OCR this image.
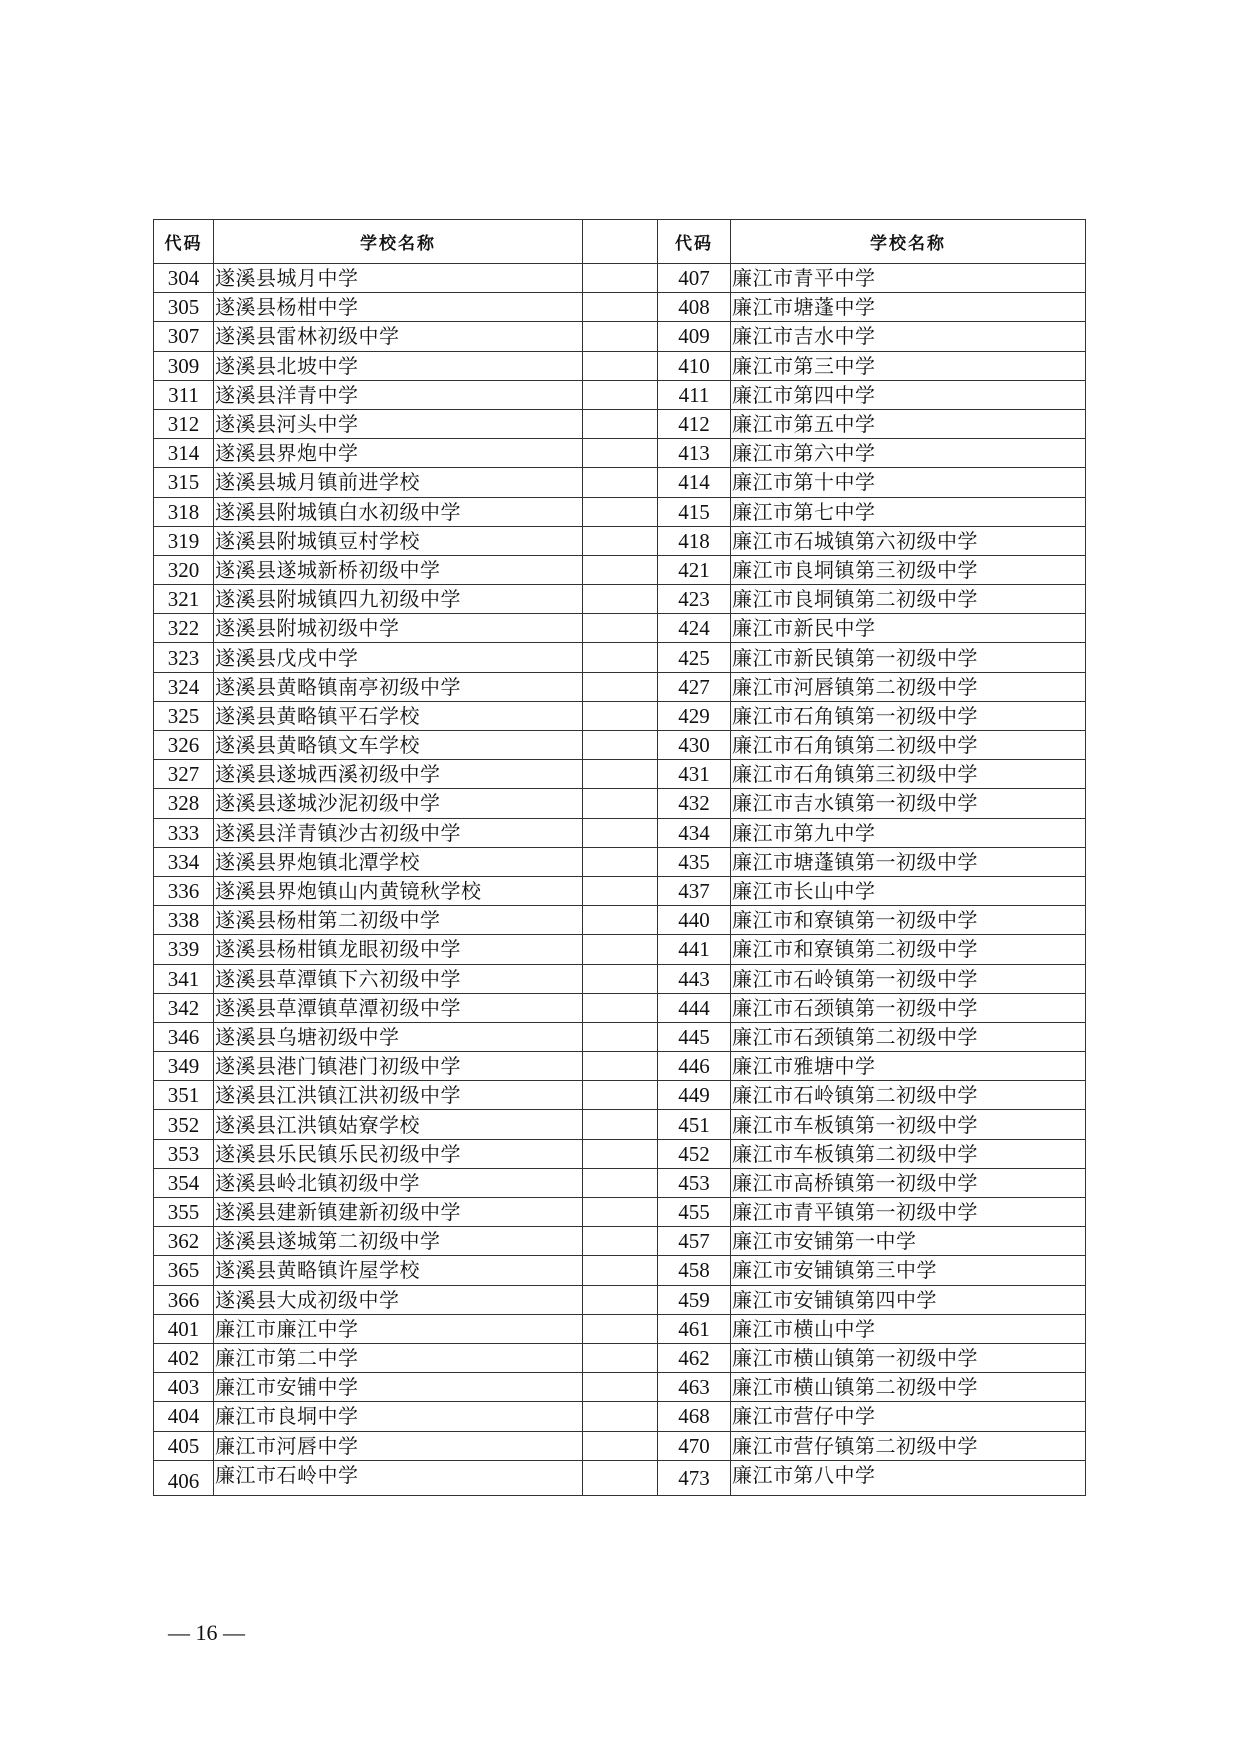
代码	学校名称		代码	学校名称
304	遂溪县城月中学		407	廉江市青平中学
305	遂溪县杨柑中学		408	廉江市塘蓬中学
307	遂溪县雷林初级中学		409	廉江市吉水中学
309	遂溪县北坡中学		410	廉江市第三中学
311	遂溪县洋青中学		411	廉江市第四中学
312	遂溪县河头中学		412	廉江市第五中学
314	遂溪县界炮中学		413	廉江市第六中学
315	遂溪县城月镇前进学校		414	廉江市第十中学
318	遂溪县附城镇白水初级中学		415	廉江市第七中学
319	遂溪县附城镇豆村学校		418	廉江市石城镇第六初级中学
320	遂溪县遂城新桥初级中学		421	廉江市良垌镇第三初级中学
321	遂溪县附城镇四九初级中学		423	廉江市良垌镇第二初级中学
322	遂溪县附城初级中学		424	廉江市新民中学
323	遂溪县戊戌中学		425	廉江市新民镇第一初级中学
324	遂溪县黄略镇南亭初级中学		427	廉江市河唇镇第二初级中学
325	遂溪县黄略镇平石学校		429	廉江市石角镇第一初级中学
326	遂溪县黄略镇文车学校		430	廉江市石角镇第二初级中学
327	遂溪县遂城西溪初级中学		431	廉江市石角镇第三初级中学
328	遂溪县遂城沙泥初级中学		432	廉江市吉水镇第一初级中学
333	遂溪县洋青镇沙古初级中学		434	廉江市第九中学
334	遂溪县界炮镇北潭学校		435	廉江市塘蓬镇第一初级中学
336	遂溪县界炮镇山内黄镜秋学校		437	廉江市长山中学
338	遂溪县杨柑第二初级中学		440	廉江市和寮镇第一初级中学
339	遂溪县杨柑镇龙眼初级中学		441	廉江市和寮镇第二初级中学
341	遂溪县草潭镇下六初级中学		443	廉江市石岭镇第一初级中学
342	遂溪县草潭镇草潭初级中学		444	廉江市石颈镇第一初级中学
346	遂溪县乌塘初级中学		445	廉江市石颈镇第二初级中学
349	遂溪县港门镇港门初级中学		446	廉江市雅塘中学
351	遂溪县江洪镇江洪初级中学		449	廉江市石岭镇第二初级中学
352	遂溪县江洪镇姑寮学校		451	廉江市车板镇第一初级中学
353	遂溪县乐民镇乐民初级中学		452	廉江市车板镇第二初级中学
354	遂溪县岭北镇初级中学		453	廉江市高桥镇第一初级中学
355	遂溪县建新镇建新初级中学		455	廉江市青平镇第一初级中学
362	遂溪县遂城第二初级中学		457	廉江市安铺第一中学
365	遂溪县黄略镇许屋学校		458	廉江市安铺镇第三中学
366	遂溪县大成初级中学		459	廉江市安铺镇第四中学
401	廉江市廉江中学		461	廉江市横山中学
402	廉江市第二中学		462	廉江市横山镇第一初级中学
403	廉江市安铺中学		463	廉江市横山镇第二初级中学
404	廉江市良垌中学		468	廉江市营仔中学
405	廉江市河唇中学		470	廉江市营仔镇第二初级中学
406	廉江市石岭中学		473	廉江市第八中学
— 16 —
